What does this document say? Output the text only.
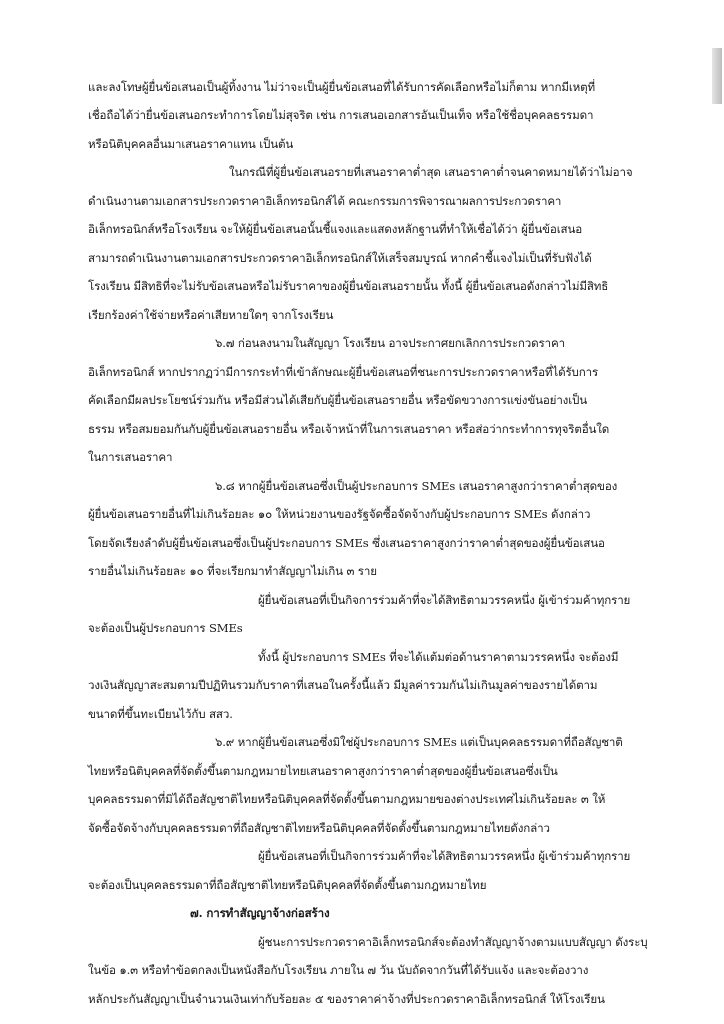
และลงโทษผู้ยื่นข้อเสนอเป็นผู้ทิ้งงาน ไม่ว่าจะเป็นผู้ยื่นข้อเสนอที่ได้รับการคัดเลือกหรือไม่ก็ตาม หากมีเหตุที่
เชื่อถือได้ว่ายื่นข้อเสนอกระทำการโดยไม่สุจริต เช่น การเสนอเอกสารอันเป็นเท็จ หรือใช้ชื่อบุคคลธรรมดา
หรือนิติบุคคลอื่นมาเสนอราคาแทน เป็นต้น
ในกรณีที่ผู้ยื่นข้อเสนอรายที่เสนอราคาต่ำสุด เสนอราคาต่ำจนคาดหมายได้ว่าไม่อาจ
ดำเนินงานตามเอกสารประกวดราคาอิเล็กทรอนิกส์ได้ คณะกรรมการพิจารณาผลการประกวดราคา
อิเล็กทรอนิกส์หรือโรงเรียน จะให้ผู้ยื่นข้อเสนอนั้นชี้แจงและแสดงหลักฐานที่ทำให้เชื่อได้ว่า ผู้ยื่นข้อเสนอ
สามารถดำเนินงานตามเอกสารประกวดราคาอิเล็กทรอนิกส์ให้เสร็จสมบูรณ์ หากคำชี้แจงไม่เป็นที่รับฟังได้
โรงเรียน มีสิทธิที่จะไม่รับข้อเสนอหรือไม่รับราคาของผู้ยื่นข้อเสนอรายนั้น ทั้งนี้ ผู้ยื่นข้อเสนอดังกล่าวไม่มีสิทธิ
เรียกร้องค่าใช้จ่ายหรือค่าเสียหายใดๆ จากโรงเรียน
๖.๗ ก่อนลงนามในสัญญา โรงเรียน อาจประกาศยกเลิกการประกวดราคา
อิเล็กทรอนิกส์ หากปรากฏว่ามีการกระทำที่เข้าลักษณะผู้ยื่นข้อเสนอที่ชนะการประกวดราคาหรือที่ได้รับการ
คัดเลือกมีผลประโยชน์ร่วมกัน หรือมีส่วนได้เสียกับผู้ยื่นข้อเสนอรายอื่น หรือขัดขวางการแข่งขันอย่างเป็น
ธรรม หรือสมยอมกันกับผู้ยื่นข้อเสนอรายอื่น หรือเจ้าหน้าที่ในการเสนอราคา หรือส่อว่ากระทำการทุจริตอื่นใด
ในการเสนอราคา
๖.๘ หากผู้ยื่นข้อเสนอซึ่งเป็นผู้ประกอบการ SMEs เสนอราคาสูงกว่าราคาต่ำสุดของ
ผู้ยื่นข้อเสนอรายอื่นที่ไม่เกินร้อยละ ๑๐ ให้หน่วยงานของรัฐจัดซื้อจัดจ้างกับผู้ประกอบการ SMEs ดังกล่าว
โดยจัดเรียงลำดับผู้ยื่นข้อเสนอซึ่งเป็นผู้ประกอบการ SMEs ซึ่งเสนอราคาสูงกว่าราคาต่ำสุดของผู้ยื่นข้อเสนอ
รายอื่นไม่เกินร้อยละ ๑๐ ที่จะเรียกมาทำสัญญาไม่เกิน ๓ ราย
ผู้ยื่นข้อเสนอที่เป็นกิจการร่วมค้าที่จะได้สิทธิตามวรรคหนึ่ง ผู้เข้าร่วมค้าทุกราย
จะต้องเป็นผู้ประกอบการ SMEs
ทั้งนี้ ผู้ประกอบการ SMEs ที่จะได้แต้มต่อด้านราคาตามวรรคหนึ่ง จะต้องมี
วงเงินสัญญาสะสมตามปีปฏิทินรวมกับราคาที่เสนอในครั้งนี้แล้ว มีมูลค่ารวมกันไม่เกินมูลค่าของรายได้ตาม
ขนาดที่ขึ้นทะเบียนไว้กับ สสว.
๖.๙ หากผู้ยื่นข้อเสนอซึ่งมิใช่ผู้ประกอบการ SMEs แต่เป็นบุคคลธรรมดาที่ถือสัญชาติ
ไทยหรือนิติบุคคลที่จัดตั้งขึ้นตามกฎหมายไทยเสนอราคาสูงกว่าราคาต่ำสุดของผู้ยื่นข้อเสนอซึ่งเป็น
บุคคลธรรมดาที่มิได้ถือสัญชาติไทยหรือนิติบุคคลที่จัดตั้งขึ้นตามกฎหมายของต่างประเทศไม่เกินร้อยละ ๓ ให้
จัดซื้อจัดจ้างกับบุคคลธรรมดาที่ถือสัญชาติไทยหรือนิติบุคคลที่จัดตั้งขึ้นตามกฎหมายไทยดังกล่าว
ผู้ยื่นข้อเสนอที่เป็นกิจการร่วมค้าที่จะได้สิทธิตามวรรคหนึ่ง ผู้เข้าร่วมค้าทุกราย
จะต้องเป็นบุคคลธรรมดาที่ถือสัญชาติไทยหรือนิติบุคคลที่จัดตั้งขึ้นตามกฎหมายไทย
๗. การทำสัญญาจ้างก่อสร้าง
ผู้ชนะการประกวดราคาอิเล็กทรอนิกส์จะต้องทำสัญญาจ้างตามแบบสัญญา ดังระบุ
ในข้อ ๑.๓ หรือทำข้อตกลงเป็นหนังสือกับโรงเรียน ภายใน ๗ วัน นับถัดจากวันที่ได้รับแจ้ง และจะต้องวาง
หลักประกันสัญญาเป็นจำนวนเงินเท่ากับร้อยละ ๕ ของราคาค่าจ้างที่ประกวดราคาอิเล็กทรอนิกส์ ให้โรงเรียน
